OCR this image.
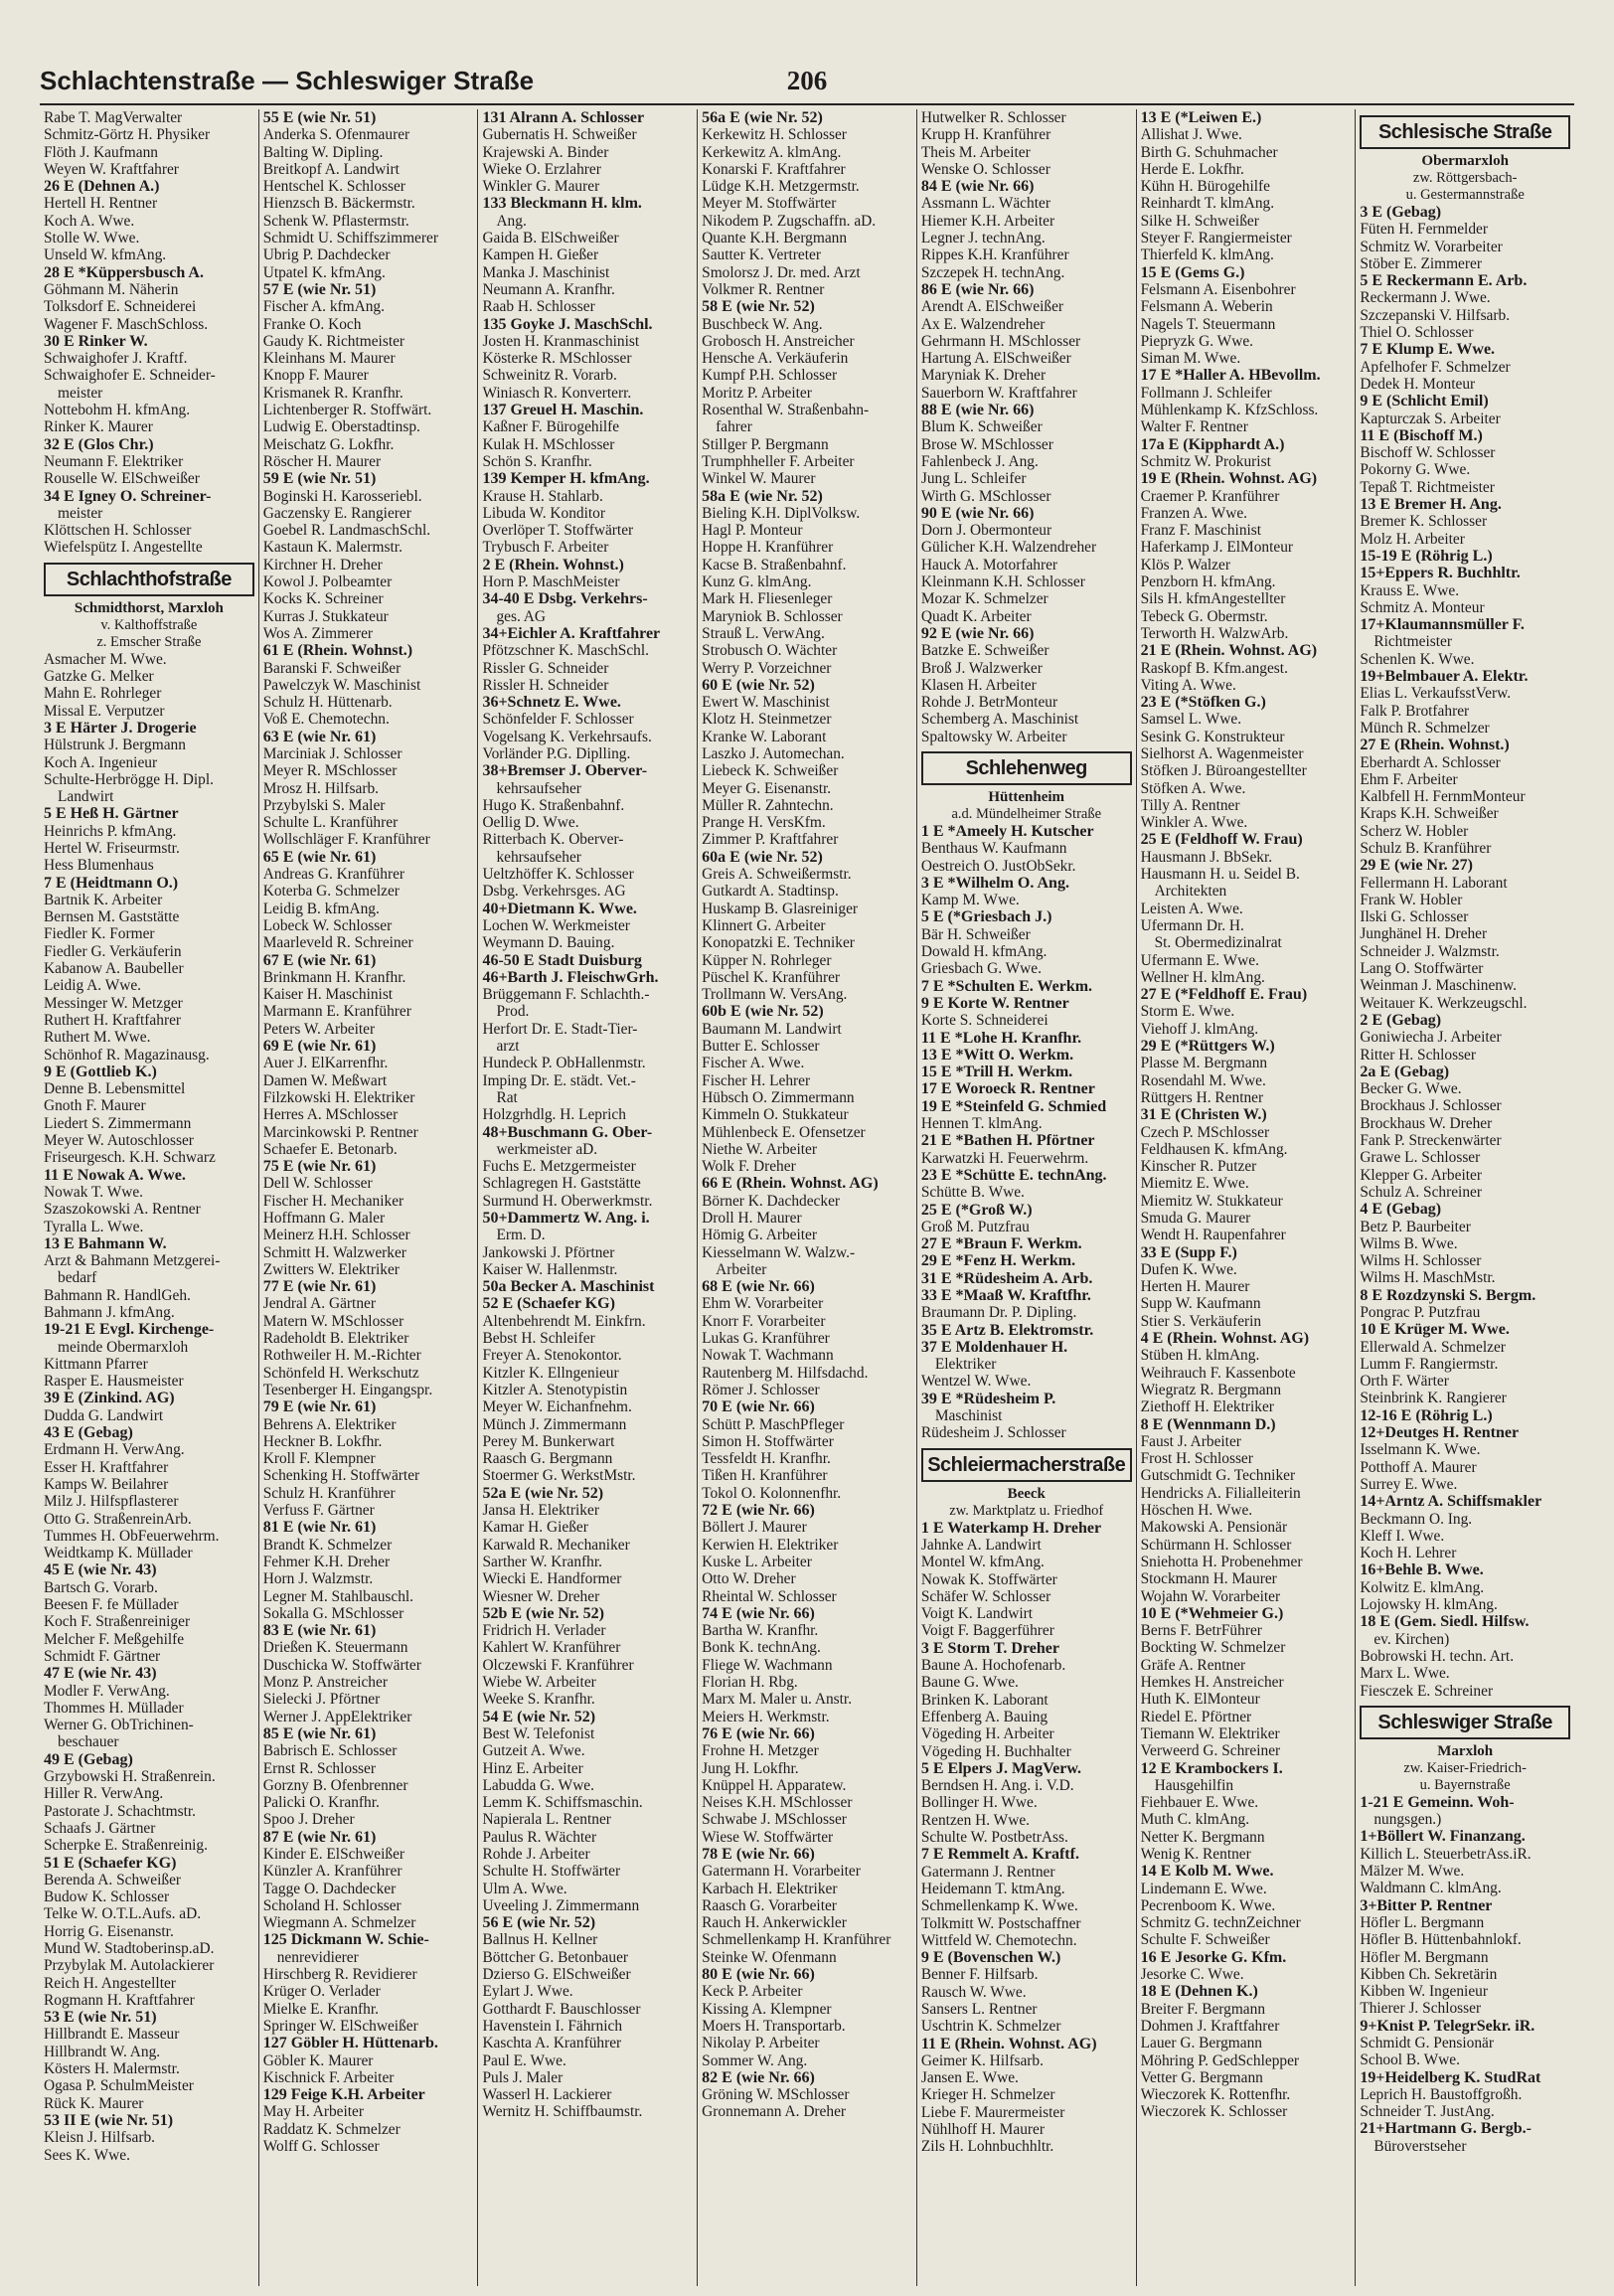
Schlachtenstraße — Schleswiger Straße	206
Rabe T. MagVerwalter
Schmitz-Görtz H. Physiker
Flöth J. Kaufmann
Weyen W. Kraftfahrer
26 E (Dehnen A.)
Hertell H. Rentner
Koch A. Wwe.
Stolle W. Wwe.
Unseld W. kfmAng.
28 E *Küppersbusch A.
Göhmann M. Näherin
Tolksdorf E. Schneiderei
Wagener F. MaschSchloss.
30 E Rinker W.
Schwaighofer J. Kraftf.
Schwaighofer E. Schneider-
meister
Nottebohm H. kfmAng.
Rinker K. Maurer
32 E (Glos Chr.)
Neumann F. Elektriker
Rouselle W. ElSchweißer
34 E Igney O. Schreiner-
meister
Klöttschen H. Schlosser
Wiefelspütz I. Angestellte
Schlachthofstraße
Schmidthorst, Marxloh
v. Kalthoffstraße
z. Emscher Straße
Asmacher M. Wwe.
Gatzke G. Melker
Mahn E. Rohrleger
Missal E. Verputzer
3 E Härter J. Drogerie
Hülstrunk J. Bergmann
Koch A. Ingenieur
Schulte-Herbrögge H. Dipl.
Landwirt
5 E Heß H. Gärtner
Heinrichs P. kfmAng.
Hertel W. Friseurmstr.
Hess Blumenhaus
7 E (Heidtmann O.)
Bartnik K. Arbeiter
Bernsen M. Gaststätte
Fiedler K. Former
Fiedler G. Verkäuferin
Kabanow A. Baubeller
Leidig A. Wwe.
Messinger W. Metzger
Ruthert H. Kraftfahrer
Ruthert M. Wwe.
Schönhof R. Magazinausg.
9 E (Gottlieb K.)
Denne B. Lebensmittel
Gnoth F. Maurer
Liedert S. Zimmermann
Meyer W. Autoschlosser
Friseurgesch. K.H. Schwarz
11 E Nowak A. Wwe.
Nowak T. Wwe.
Szaszokowski A. Rentner
Tyralla L. Wwe.
13 E Bahmann W.
Arzt & Bahmann Metzgerei-
bedarf
Bahmann R. HandlGeh.
Bahmann J. kfmAng.
19-21 E Evgl. Kirchenge-
meinde Obermarxloh
Kittmann Pfarrer
Rasper E. Hausmeister
39 E (Zinkind. AG)
Dudda G. Landwirt
43 E (Gebag)
Erdmann H. VerwAng.
Esser H. Kraftfahrer
Kamps W. Beilahrer
Milz J. Hilfspflasterer
Otto G. StraßenreinArb.
Tummes H. ObFeuerwehrm.
Weidtkamp K. Müllader
45 E (wie Nr. 43)
Bartsch G. Vorarb.
Beesen F. fe Müllader
Koch F. Straßenreiniger
Melcher F. Meßgehilfe
Schmidt F. Gärtner
47 E (wie Nr. 43)
Modler F. VerwAng.
Thommes H. Müllader
Werner G. ObTrichinen-
beschauer
49 E (Gebag)
Grzybowski H. Straßenrein.
Hiller R. VerwAng.
Pastorate J. Schachtmstr.
Schaafs J. Gärtner
Scherpke E. Straßenreinig.
51 E (Schaefer KG)
Berenda A. Schweißer
Budow K. Schlosser
Telke W. O.T.L.Aufs. aD.
Horrig G. Eisenanstr.
Mund W. Stadtoberinsp.aD.
Przybylak M. Autolackierer
Reich H. Angestellter
Rogmann H. Kraftfahrer
53 E (wie Nr. 51)
Hillbrandt E. Masseur
Hillbrandt W. Ang.
Kösters H. Malermstr.
Ogasa P. SchulmMeister
Rück K. Maurer
53 II E (wie Nr. 51)
Kleisn J. Hilfsarb.
Sees K. Wwe.
55 E (wie Nr. 51)
Anderka S. Ofenmaurer
Balting W. Dipling.
Breitkopf A. Landwirt
Hentschel K. Schlosser
Hienzsch B. Bäckermstr.
Schenk W. Pflastermstr.
Schmidt U. Schiffszimmerer
Ubrig P. Dachdecker
Utpatel K. kfmAng.
57 E (wie Nr. 51)
Fischer A. kfmAng.
Franke O. Koch
Gaudy K. Richtmeister
Kleinhans M. Maurer
Knopp F. Maurer
Krismanek R. Kranfhr.
Lichtenberger R. Stoffwärt.
Ludwig E. Oberstadtinsp.
Meischatz G. Lokfhr.
Röscher H. Maurer
59 E (wie Nr. 51)
Boginski H. Karosseriebl.
Gaczensky E. Rangierer
Goebel R. LandmaschSchl.
Kastaun K. Malermstr.
Kirchner H. Dreher
Kowol J. Polbeamter
Kocks K. Schreiner
Kurras J. Stukkateur
Wos A. Zimmerer
61 E (Rhein. Wohnst.)
Baranski F. Schweißer
Pawelczyk W. Maschinist
Schulz H. Hüttenarb.
Voß E. Chemotechn.
63 E (wie Nr. 61)
Marciniak J. Schlosser
Meyer R. MSchlosser
Mrosz H. Hilfsarb.
Przybylski S. Maler
Schulte L. Kranführer
Wollschläger F. Kranführer
65 E (wie Nr. 61)
Andreas G. Kranführer
Koterba G. Schmelzer
Leidig B. kfmAng.
Lobeck W. Schlosser
Maarleveld R. Schreiner
67 E (wie Nr. 61)
Brinkmann H. Kranfhr.
Kaiser H. Maschinist
Marmann E. Kranführer
Peters W. Arbeiter
69 E (wie Nr. 61)
Auer J. ElKarrenfhr.
Damen W. Meßwart
Filzkowski H. Elektriker
Herres A. MSchlosser
Marcinkowski P. Rentner
Schaefer E. Betonarb.
75 E (wie Nr. 61)
Dell W. Schlosser
Fischer H. Mechaniker
Hoffmann G. Maler
Meinerz H.H. Schlosser
Schmitt H. Walzwerker
Zwitters W. Elektriker
77 E (wie Nr. 61)
Jendral A. Gärtner
Matern W. MSchlosser
Radeholdt B. Elektriker
Rothweiler H. M.-Richter
Schönfeld H. Werkschutz
Tesenberger H. Eingangspr.
79 E (wie Nr. 61)
Behrens A. Elektriker
Heckner B. Lokfhr.
Kroll F. Klempner
Schenking H. Stoffwärter
Schulz H. Kranführer
Verfuss F. Gärtner
81 E (wie Nr. 61)
Brandt K. Schmelzer
Fehmer K.H. Dreher
Horn J. Walzmstr.
Legner M. Stahlbauschl.
Sokalla G. MSchlosser
83 E (wie Nr. 61)
Drießen K. Steuermann
Duschicka W. Stoffwärter
Monz P. Anstreicher
Sielecki J. Pförtner
Werner J. AppElektriker
85 E (wie Nr. 61)
Babrisch E. Schlosser
Ernst R. Schlosser
Gorzny B. Ofenbrenner
Palicki O. Kranfhr.
Spoo J. Dreher
87 E (wie Nr. 61)
Kinder E. ElSchweißer
Künzler A. Kranführer
Tagge O. Dachdecker
Scholand H. Schlosser
Wiegmann A. Schmelzer
125 Dickmann W. Schie-
nenrevidierer
Hirschberg R. Revidierer
Krüger O. Verlader
Mielke E. Kranfhr.
Springer W. ElSchweißer
127 Göbler H. Hüttenarb.
Göbler K. Maurer
Kischnick F. Arbeiter
129 Feige K.H. Arbeiter
May H. Arbeiter
Raddatz K. Schmelzer
Wolff G. Schlosser
131 Alrann A. Schlosser
Gubernatis H. Schweißer
Krajewski A. Binder
Wieke O. Erzlahrer
Winkler G. Maurer
133 Bleckmann H. klm.
Ang.
Gaida B. ElSchweißer
Kampen H. Gießer
Manka J. Maschinist
Neumann A. Kranfhr.
Raab H. Schlosser
135 Goyke J. MaschSchl.
Josten H. Kranmaschinist
Kösterke R. MSchlosser
Schweinitz R. Vorarb.
Winiasch R. Konverterr.
137 Greuel H. Maschin.
Kaßner F. Bürogehilfe
Kulak H. MSchlosser
Schön S. Kranfhr.
139 Kemper H. kfmAng.
Krause H. Stahlarb.
Libuda W. Konditor
Overlöper T. Stoffwärter
Trybusch F. Arbeiter
2 E (Rhein. Wohnst.)
Horn P. MaschMeister
34-40 E Dsbg. Verkehrs-
ges. AG
34+Eichler A. Kraftfahrer
Pfötzschner K. MaschSchl.
Rissler G. Schneider
Rissler H. Schneider
36+Schnetz E. Wwe.
Schönfelder F. Schlosser
Vogelsang K. Verkehrsaufs.
Vorländer P.G. Diplling.
38+Bremser J. Oberver-
kehrsaufseher
Hugo K. Straßenbahnf.
Oellig D. Wwe.
Ritterbach K. Oberver-
kehrsaufseher
Ueltzhöffer K. Schlosser
Dsbg. Verkehrsges. AG
40+Dietmann K. Wwe.
Lochen W. Werkmeister
Weymann D. Bauing.
46-50 E Stadt Duisburg
46+Barth J. FleischwGrh.
Brüggemann F. Schlachth.-
Prod.
Herfort Dr. E. Stadt-Tier-
arzt
Hundeck P. ObHallenmstr.
Imping Dr. E. städt. Vet.-
Rat
Holzgrhdlg. H. Leprich
48+Buschmann G. Ober-
werkmeister aD.
Fuchs E. Metzgermeister
Schlagregen H. Gaststätte
Surmund H. Oberwerkmstr.
50+Dammertz W. Ang. i.
Erm. D.
Jankowski J. Pförtner
Kaiser W. Hallenmstr.
50a Becker A. Maschinist
52 E (Schaefer KG)
Altenbehrendt M. Einkfrn.
Bebst H. Schleifer
Freyer A. Stenokontor.
Kitzler K. Ellngenieur
Kitzler A. Stenotypistin
Meyer W. Eichanfnehm.
Münch J. Zimmermann
Perey M. Bunkerwart
Raasch G. Bergmann
Stoermer G. WerkstMstr.
52a E (wie Nr. 52)
Jansa H. Elektriker
Kamar H. Gießer
Karwald R. Mechaniker
Sarther W. Kranfhr.
Wiecki E. Handformer
Wiesner W. Dreher
52b E (wie Nr. 52)
Fridrich H. Verlader
Kahlert W. Kranführer
Olczewski F. Kranführer
Wiebe W. Arbeiter
Weeke S. Kranfhr.
54 E (wie Nr. 52)
Best W. Telefonist
Gutzeit A. Wwe.
Hinz E. Arbeiter
Labudda G. Wwe.
Lemm K. Schiffsmaschin.
Napierala L. Rentner
Paulus R. Wächter
Rohde J. Arbeiter
Schulte H. Stoffwärter
Ulm A. Wwe.
Uveeling J. Zimmermann
56 E (wie Nr. 52)
Ballnus H. Kellner
Böttcher G. Betonbauer
Dzierso G. ElSchweißer
Eylart J. Wwe.
Gotthardt F. Bauschlosser
Havenstein I. Fährnich
Kaschta A. Kranführer
Paul E. Wwe.
Puls J. Maler
Wasserl H. Lackierer
Wernitz H. Schiffbaumstr.
56a E (wie Nr. 52)
Kerkewitz H. Schlosser
Kerkewitz A. klmAng.
Konarski F. Kraftfahrer
Lüdge K.H. Metzgermstr.
Meyer M. Stoffwärter
Nikodem P. Zugschaffn. aD.
Quante K.H. Bergmann
Sautter K. Vertreter
Smolorsz J. Dr. med. Arzt
Volkmer R. Rentner
58 E (wie Nr. 52)
Buschbeck W. Ang.
Grobosch H. Anstreicher
Hensche A. Verkäuferin
Kumpf P.H. Schlosser
Moritz P. Arbeiter
Rosenthal W. Straßenbahn-
fahrer
Stillger P. Bergmann
Trumphheller F. Arbeiter
Winkel W. Maurer
58a E (wie Nr. 52)
Bieling K.H. DiplVolksw.
Hagl P. Monteur
Hoppe H. Kranführer
Kacse B. Straßenbahnf.
Kunz G. klmAng.
Mark H. Fliesenleger
Maryniok B. Schlosser
Strauß L. VerwAng.
Strobusch O. Wächter
Werry P. Vorzeichner
60 E (wie Nr. 52)
Ewert W. Maschinist
Klotz H. Steinmetzer
Kranke W. Laborant
Laszko J. Automechan.
Liebeck K. Schweißer
Meyer G. Eisenanstr.
Müller R. Zahntechn.
Prange H. VersKfm.
Zimmer P. Kraftfahrer
60a E (wie Nr. 52)
Greis A. Schweißermstr.
Gutkardt A. Stadtinsp.
Huskamp B. Glasreiniger
Klinnert G. Arbeiter
Konopatzki E. Techniker
Küpper N. Rohrleger
Püschel K. Kranführer
Trollmann W. VersAng.
60b E (wie Nr. 52)
Baumann M. Landwirt
Butter E. Schlosser
Fischer A. Wwe.
Fischer H. Lehrer
Hübsch O. Zimmermann
Kimmeln O. Stukkateur
Mühlenbeck E. Ofensetzer
Niethe W. Arbeiter
Wolk F. Dreher
66 E (Rhein. Wohnst. AG)
Börner K. Dachdecker
Droll H. Maurer
Hömig G. Arbeiter
Kiesselmann W. Walzw.-
Arbeiter
68 E (wie Nr. 66)
Ehm W. Vorarbeiter
Knorr F. Vorarbeiter
Lukas G. Kranführer
Nowak T. Wachmann
Rautenberg M. Hilfsdachd.
Römer J. Schlosser
70 E (wie Nr. 66)
Schütt P. MaschPfleger
Simon H. Stoffwärter
Tessfeldt H. Kranfhr.
Tißen H. Kranführer
Tokol O. Kolonnenfhr.
72 E (wie Nr. 66)
Böllert J. Maurer
Kerwien H. Elektriker
Kuske L. Arbeiter
Otto W. Dreher
Rheintal W. Schlosser
74 E (wie Nr. 66)
Bartha W. Kranfhr.
Bonk K. technAng.
Fliege W. Wachmann
Florian H. Rbg.
Marx M. Maler u. Anstr.
Meiers H. Werkmstr.
76 E (wie Nr. 66)
Frohne H. Metzger
Jung H. Lokfhr.
Knüppel H. Apparatew.
Neises K.H. MSchlosser
Schwabe J. MSchlosser
Wiese W. Stoffwärter
78 E (wie Nr. 66)
Gatermann H. Vorarbeiter
Karbach H. Elektriker
Raasch G. Vorarbeiter
Rauch H. Ankerwickler
Schmellenkamp H. Kranführer
Steinke W. Ofenmann
80 E (wie Nr. 66)
Keck P. Arbeiter
Kissing A. Klempner
Moers H. Transportarb.
Nikolay P. Arbeiter
Sommer W. Ang.
82 E (wie Nr. 66)
Gröning W. MSchlosser
Gronnemann A. Dreher
Hutwelker R. Schlosser
Krupp H. Kranführer
Theis M. Arbeiter
Wenske O. Schlosser
84 E (wie Nr. 66)
Assmann L. Wächter
Hiemer K.H. Arbeiter
Legner J. technAng.
Rippes K.H. Kranführer
Szczepek H. technAng.
86 E (wie Nr. 66)
Arendt A. ElSchweißer
Ax E. Walzendreher
Gehrmann H. MSchlosser
Hartung A. ElSchweißer
Maryniak K. Dreher
Sauerborn W. Kraftfahrer
88 E (wie Nr. 66)
Blum K. Schweißer
Brose W. MSchlosser
Fahlenbeck J. Ang.
Jung L. Schleifer
Wirth G. MSchlosser
90 E (wie Nr. 66)
Dorn J. Obermonteur
Gülicher K.H. Walzendreher
Hauck A. Motorfahrer
Kleinmann K.H. Schlosser
Mozar K. Schmelzer
Quadt K. Arbeiter
92 E (wie Nr. 66)
Batzke E. Schweißer
Broß J. Walzwerker
Klasen H. Arbeiter
Rohde J. BetrMonteur
Schemberg A. Maschinist
Spaltowsky W. Arbeiter
Schlehenweg
Hüttenheim
a.d. Mündelheimer Straße
1 E *Ameely H. Kutscher
Benthaus W. Kaufmann
Oestreich O. JustObSekr.
3 E *Wilhelm O. Ang.
Kamp M. Wwe.
5 E (*Griesbach J.)
Bär H. Schweißer
Dowald H. kfmAng.
Griesbach G. Wwe.
7 E *Schulten E. Werkm.
9 E Korte W. Rentner
Korte S. Schneiderei
11 E *Lohe H. Kranfhr.
13 E *Witt O. Werkm.
15 E *Trill H. Werkm.
17 E Woroeck R. Rentner
19 E *Steinfeld G. Schmied
Hennen T. klmAng.
21 E *Bathen H. Pförtner
Karwatzki H. Feuerwehrm.
23 E *Schütte E. technAng.
Schütte B. Wwe.
25 E (*Groß W.)
Groß M. Putzfrau
27 E *Braun F. Werkm.
29 E *Fenz H. Werkm.
31 E *Rüdesheim A. Arb.
33 E *Maaß W. Kraftfhr.
Braumann Dr. P. Dipling.
35 E Artz B. Elektromstr.
37 E Moldenhauer H.
Elektriker
Wentzel W. Wwe.
39 E *Rüdesheim P.
Maschinist
Rüdesheim J. Schlosser
Schleiermacherstraße
Beeck
zw. Marktplatz u. Friedhof
1 E Waterkamp H. Dreher
Jahnke A. Landwirt
Montel W. kfmAng.
Nowak K. Stoffwärter
Schäfer W. Schlosser
Voigt K. Landwirt
Voigt F. Baggerführer
3 E Storm T. Dreher
Baune A. Hochofenarb.
Baune G. Wwe.
Brinken K. Laborant
Effenberg A. Bauing
Vögeding H. Arbeiter
Vögeding H. Buchhalter
5 E Elpers J. MagVerw.
Berndsen H. Ang. i. V.D.
Bollinger H. Wwe.
Rentzen H. Wwe.
Schulte W. PostbetrAss.
7 E Remmelt A. Kraftf.
Gatermann J. Rentner
Heidemann T. ktmAng.
Schmellenkamp K. Wwe.
Tolkmitt W. Postschaffner
Wittfeld W. Chemotechn.
9 E (Bovenschen W.)
Benner F. Hilfsarb.
Rausch W. Wwe.
Sansers L. Rentner
Uschtrin K. Schmelzer
11 E (Rhein. Wohnst. AG)
Geimer K. Hilfsarb.
Jansen E. Wwe.
Krieger H. Schmelzer
Liebe F. Maurermeister
Nühlhoff H. Maurer
Zils H. Lohnbuchhltr.
13 E (*Leiwen E.)
Allishat J. Wwe.
Birth G. Schuhmacher
Herde E. Lokfhr.
Kühn H. Bürogehilfe
Reinhardt T. klmAng.
Silke H. Schweißer
Steyer F. Rangiermeister
Thierfeld K. klmAng.
15 E (Gems G.)
Felsmann A. Eisenbohrer
Felsmann A. Weberin
Nagels T. Steuermann
Piepryzk G. Wwe.
Siman M. Wwe.
17 E *Haller A. HBevollm.
Follmann J. Schleifer
Mühlenkamp K. KfzSchloss.
Walter F. Rentner
17a E (Kipphardt A.)
Schmitz W. Prokurist
19 E (Rhein. Wohnst. AG)
Craemer P. Kranführer
Franzen A. Wwe.
Franz F. Maschinist
Haferkamp J. ElMonteur
Klös P. Walzer
Penzborn H. kfmAng.
Sils H. kfmAngestellter
Tebeck G. Obermstr.
Terworth H. WalzwArb.
21 E (Rhein. Wohnst. AG)
Raskopf B. Kfm.angest.
Viting A. Wwe.
23 E (*Stöfken G.)
Samsel L. Wwe.
Sesink G. Konstrukteur
Sielhorst A. Wagenmeister
Stöfken J. Büroangestellter
Stöfken A. Wwe.
Tilly A. Rentner
Winkler A. Wwe.
25 E (Feldhoff W. Frau)
Hausmann J. BbSekr.
Hausmann H. u. Seidel B.
Architekten
Leisten A. Wwe.
Ufermann Dr. H.
St. Obermedizinalrat
Ufermann E. Wwe.
Wellner H. klmAng.
27 E (*Feldhoff E. Frau)
Storm E. Wwe.
Viehoff J. klmAng.
29 E (*Rüttgers W.)
Plasse M. Bergmann
Rosendahl M. Wwe.
Rüttgers H. Rentner
31 E (Christen W.)
Czech P. MSchlosser
Feldhausen K. kfmAng.
Kinscher R. Putzer
Miemitz E. Wwe.
Miemitz W. Stukkateur
Smuda G. Maurer
Wendt H. Raupenfahrer
33 E (Supp F.)
Dufen K. Wwe.
Herten H. Maurer
Supp W. Kaufmann
Stier S. Verkäuferin
4 E (Rhein. Wohnst. AG)
Stüben H. klmAng.
Weihrauch F. Kassenbote
Wiegratz R. Bergmann
Ziethoff H. Elektriker
8 E (Wennmann D.)
Faust J. Arbeiter
Frost H. Schlosser
Gutschmidt G. Techniker
Hendricks A. Filialleiterin
Höschen H. Wwe.
Makowski A. Pensionär
Schürmann H. Schlosser
Sniehotta H. Probenehmer
Stockmann H. Maurer
Wojahn W. Vorarbeiter
10 E (*Wehmeier G.)
Berns F. BetrFührer
Bockting W. Schmelzer
Gräfe A. Rentner
Hemkes H. Anstreicher
Huth K. ElMonteur
Riedel E. Pförtner
Tiemann W. Elektriker
Verweerd G. Schreiner
12 E Krambockers I.
Hausgehilfin
Fiehbauer E. Wwe.
Muth C. klmAng.
Netter K. Bergmann
Wenig K. Rentner
14 E Kolb M. Wwe.
Lindemann E. Wwe.
Pecrenboom K. Wwe.
Schmitz G. technZeichner
Schulte F. Schweißer
16 E Jesorke G. Kfm.
Jesorke C. Wwe.
18 E (Dehnen K.)
Breiter F. Bergmann
Dohmen J. Kraftfahrer
Lauer G. Bergmann
Möhring P. GedSchlepper
Vetter G. Bergmann
Wieczorek K. Rottenfhr.
Wieczorek K. Schlosser
Schlesische Straße
Obermarxloh
zw. Röttgersbach-
u. Gestermannstraße
3 E (Gebag)
Füten H. Fernmelder
Schmitz W. Vorarbeiter
Stöber E. Zimmerer
5 E Reckermann E. Arb.
Reckermann J. Wwe.
Szczepanski V. Hilfsarb.
Thiel O. Schlosser
7 E Klump E. Wwe.
Apfelhofer F. Schmelzer
Dedek H. Monteur
9 E (Schlicht Emil)
Kapturczak S. Arbeiter
11 E (Bischoff M.)
Bischoff W. Schlosser
Pokorny G. Wwe.
Tepaß T. Richtmeister
13 E Bremer H. Ang.
Bremer K. Schlosser
Molz H. Arbeiter
15-19 E (Röhrig L.)
15+Eppers R. Buchhltr.
Krauss E. Wwe.
Schmitz A. Monteur
17+Klaumannsmüller F.
Richtmeister
Schenlen K. Wwe.
19+Belmbauer A. Elektr.
Elias L. VerkaufsstVerw.
Falk P. Brotfahrer
Münch R. Schmelzer
27 E (Rhein. Wohnst.)
Eberhardt A. Schlosser
Ehm F. Arbeiter
Kalbfell H. FernmMonteur
Kraps K.H. Schweißer
Scherz W. Hobler
Schulz B. Kranführer
29 E (wie Nr. 27)
Fellermann H. Laborant
Frank W. Hobler
Ilski G. Schlosser
Junghänel H. Dreher
Schneider J. Walzmstr.
Lang O. Stoffwärter
Weinman J. Maschinenw.
Weitauer K. Werkzeugschl.
2 E (Gebag)
Goniwiecha J. Arbeiter
Ritter H. Schlosser
2a E (Gebag)
Becker G. Wwe.
Brockhaus J. Schlosser
Brockhaus W. Dreher
Fank P. Streckenwärter
Grawe L. Schlosser
Klepper G. Arbeiter
Schulz A. Schreiner
4 E (Gebag)
Betz P. Baurbeiter
Wilms B. Wwe.
Wilms H. Schlosser
Wilms H. MaschMstr.
8 E Rozdzynski S. Bergm.
Pongrac P. Putzfrau
10 E Krüger M. Wwe.
Ellerwald A. Schmelzer
Lumm F. Rangiermstr.
Orth F. Wärter
Steinbrink K. Rangierer
12-16 E (Röhrig L.)
12+Deutges H. Rentner
Isselmann K. Wwe.
Potthoff A. Maurer
Surrey E. Wwe.
14+Arntz A. Schiffsmakler
Beckmann O. Ing.
Kleff I. Wwe.
Koch H. Lehrer
16+Behle B. Wwe.
Kolwitz E. klmAng.
Lojowsky H. klmAng.
18 E (Gem. Siedl. Hilfsw.
ev. Kirchen)
Bobrowski H. techn. Art.
Marx L. Wwe.
Fiesczek E. Schreiner
Schleswiger Straße
Marxloh
zw. Kaiser-Friedrich-
u. Bayernstraße
1-21 E Gemeinn. Woh-
nungsgen.)
1+Böllert W. Finanzang.
Killich L. SteuerbetrAss.iR.
Mälzer M. Wwe.
Waldmann C. klmAng.
3+Bitter P. Rentner
Höfler L. Bergmann
Höfler B. Hüttenbahnlokf.
Höfler M. Bergmann
Kibben Ch. Sekretärin
Kibben W. Ingenieur
Thierer J. Schlosser
9+Knist P. TelegrSekr. iR.
Schmidt G. Pensionär
School B. Wwe.
19+Heidelberg K. StudRat
Leprich H. Baustoffgroßh.
Schneider T. JustAng.
21+Hartmann G. Bergb.-
Büroverstseher
